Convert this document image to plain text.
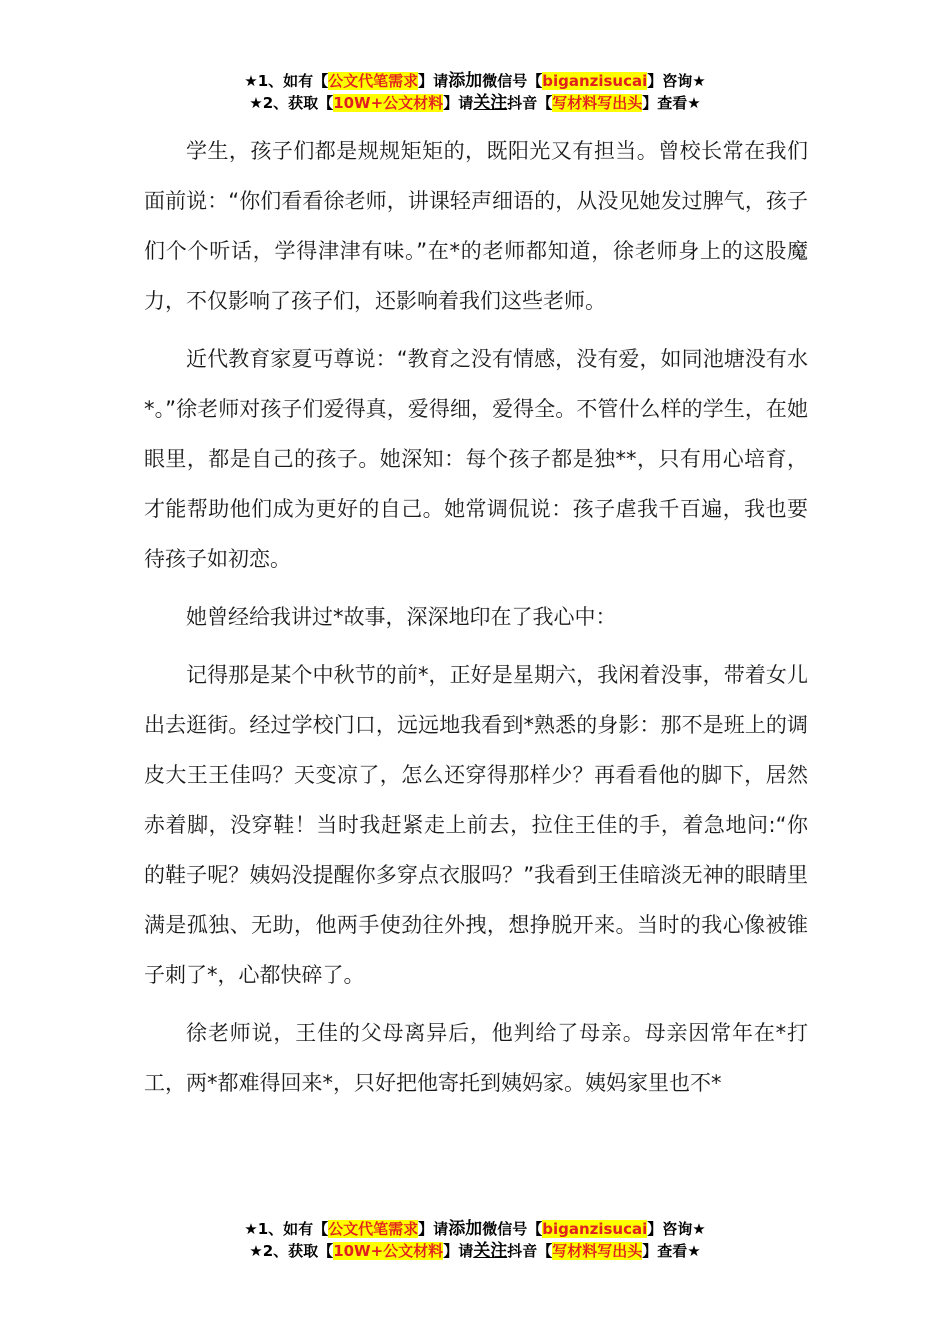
★1、如有【公文代笔需求】请添加微信号【biganzisucai】咨询★
★2、获取【10W+公文材料】请关注抖音【写材料写出头】查看★

学生，孩子们都是规规矩矩的，既阳光又有担当。曾校长常在我们面前说：“你们看看徐老师，讲课轻声细语的，从没见她发过脾气，孩子们个个听话，学得津津有味。”在*的老师都知道，徐老师身上的这股魔力，不仅影响了孩子们，还影响着我们这些老师。

近代教育家夏丏尊说：“教育之没有情感，没有爱，如同池塘没有水*。”徐老师对孩子们爱得真，爱得细，爱得全。不管什么样的学生，在她眼里，都是自己的孩子。她深知：每个孩子都是独**，只有用心培育，才能帮助他们成为更好的自己。她常调侃说：孩子虐我千百遍，我也要待孩子如初恋。

她曾经给我讲过*故事，深深地印在了我心中：

记得那是某个中秋节的前*，正好是星期六，我闲着没事，带着女儿出去逛街。经过学校门口，远远地我看到*熟悉的身影：那不是班上的调皮大王王佳吗？天变凉了，怎么还穿得那样少？再看看他的脚下，居然赤着脚，没穿鞋！当时我赶紧走上前去，拉住王佳的手，着急地问:“你的鞋子呢？姨妈没提醒你多穿点衣服吗？”我看到王佳暗淡无神的眼睛里满是孤独、无助，他两手使劲往外拽，想挣脱开来。当时的我心像被锥子刺了*，心都快碎了。

徐老师说，王佳的父母离异后，他判给了母亲。母亲因常年在*打工，两*都难得回来*，只好把他寄托到姨妈家。姨妈家里也不*

★1、如有【公文代笔需求】请添加微信号【biganzisucai】咨询★
★2、获取【10W+公文材料】请关注抖音【写材料写出头】查看★
